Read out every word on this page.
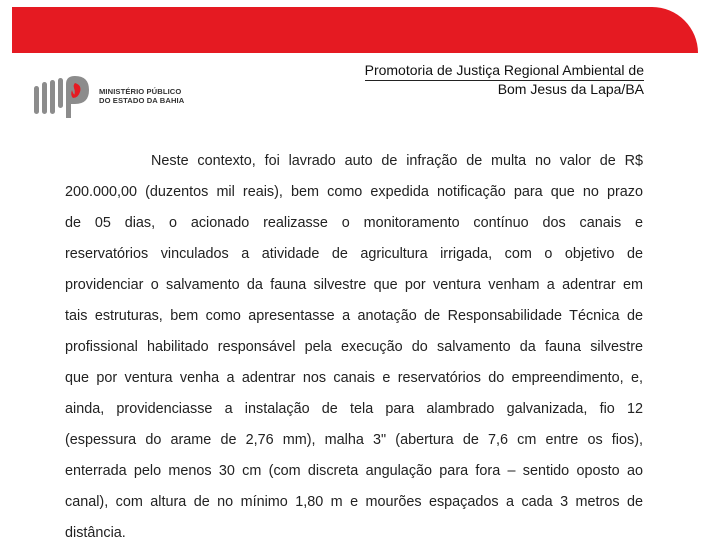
MINISTÉRIO PÚBLICO
DO ESTADO DA BAHIA
Promotoria de Justiça Regional Ambiental de
Bom Jesus da Lapa/BA
Neste contexto, foi lavrado auto de infração de multa no valor de R$
200.000,00 (duzentos mil reais), bem como expedida notificação para que no prazo
de 05 dias, o acionado realizasse o monitoramento contínuo dos canais e
reservatórios vinculados a atividade de agricultura irrigada, com o objetivo de
providenciar o salvamento da fauna silvestre que por ventura venham a adentrar em
tais estruturas, bem como apresentasse a anotação de Responsabilidade Técnica de
profissional habilitado responsável pela execução do salvamento da fauna silvestre
que por ventura venha a adentrar nos canais e reservatórios do empreendimento, e,
ainda, providenciasse a instalação de tela para alambrado galvanizada, fio 12
(espessura do arame de 2,76 mm), malha 3" (abertura de 7,6 cm entre os fios),
enterrada pelo menos 30 cm (com discreta angulação para fora – sentido oposto ao
canal), com altura de no mínimo 1,80 m e mourões espaçados a cada 3 metros de
distância.
